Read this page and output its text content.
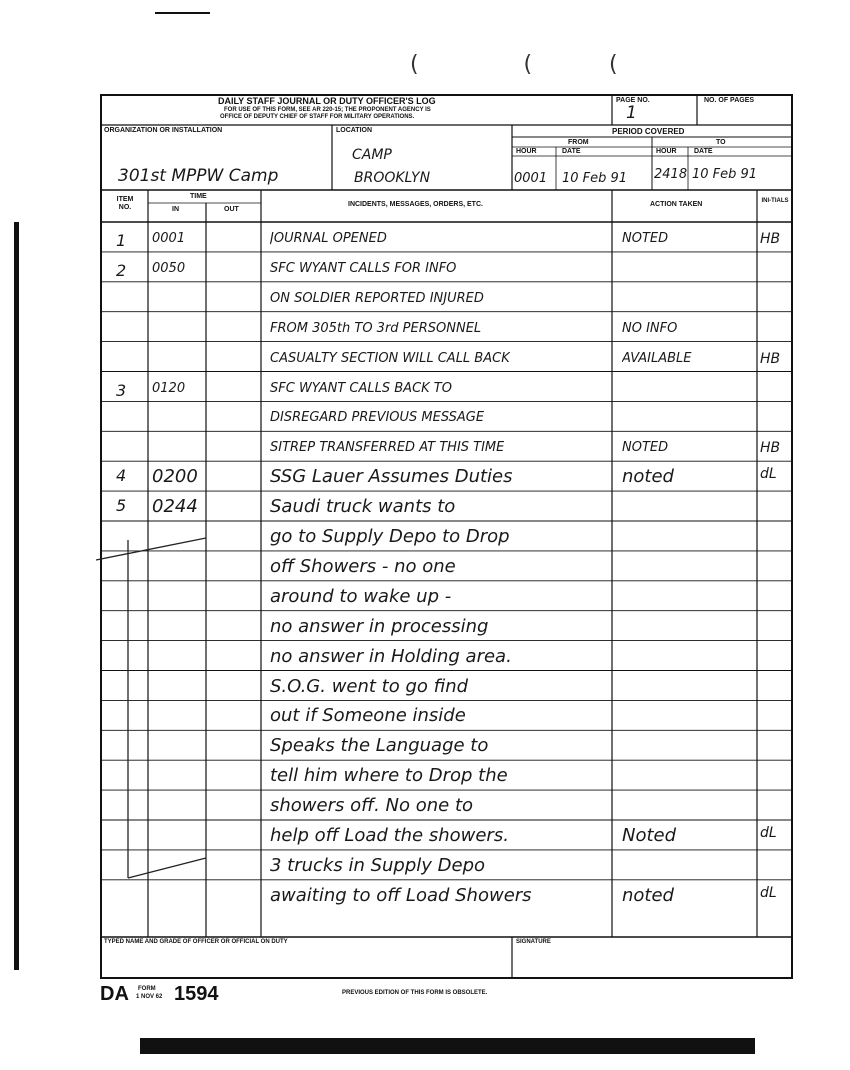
(               (           (
DAILY STAFF JOURNAL OR DUTY OFFICER'S LOG
FOR USE OF THIS FORM, SEE AR 220-15; THE PROPONENT AGENCY IS
OFFICE OF DEPUTY CHIEF OF STAFF FOR MILITARY OPERATIONS.
PAGE NO.
1
NO. OF PAGES
ORGANIZATION OR INSTALLATION
301st MPPW Camp
LOCATION
CAMP
BROOKLYN
PERIOD COVERED
FROM	TO
HOUR	DATE	HOUR DATE
0001 10 Feb 91 2418 10 Feb 91
ITEM NO.
TIME
IN	OUT
INCIDENTS, MESSAGES, ORDERS, ETC.	ACTION TAKEN	INI-TIALS
1 0001	JOURNAL OPENED	NOTED	HB
2 0050	SFC WYANT CALLS FOR INFO
ON SOLDIER REPORTED INJURED
FROM 305th TO 3rd PERSONNEL	NO INFO
CASUALTY SECTION WILL CALL BACK	AVAILABLE	HB
3 0120	SFC WYANT CALLS BACK TO
DISREGARD PREVIOUS MESSAGE
SITREP TRANSFERRED AT THIS TIME	NOTED	HB
4 0200	SSG Lauer Assumes Duties	noted	dL
5 0244	Saudi truck wants to
go to Supply Depo to Drop
off Showers - no one
around to wake up -
no answer in processing
no answer in Holding area.
S.O.G. went to go find
out if Someone inside
Speaks the Language to
tell him where to Drop the
showers off. No one to
help off Load the showers.	Noted	dL
3 trucks in Supply Depo
awaiting to off Load Showers	noted	dL
TYPED NAME AND GRADE OF OFFICER OR OFFICIAL ON DUTY	SIGNATURE
DA FORM
1 NOV 62 1594	PREVIOUS EDITION OF THIS FORM IS OBSOLETE.
